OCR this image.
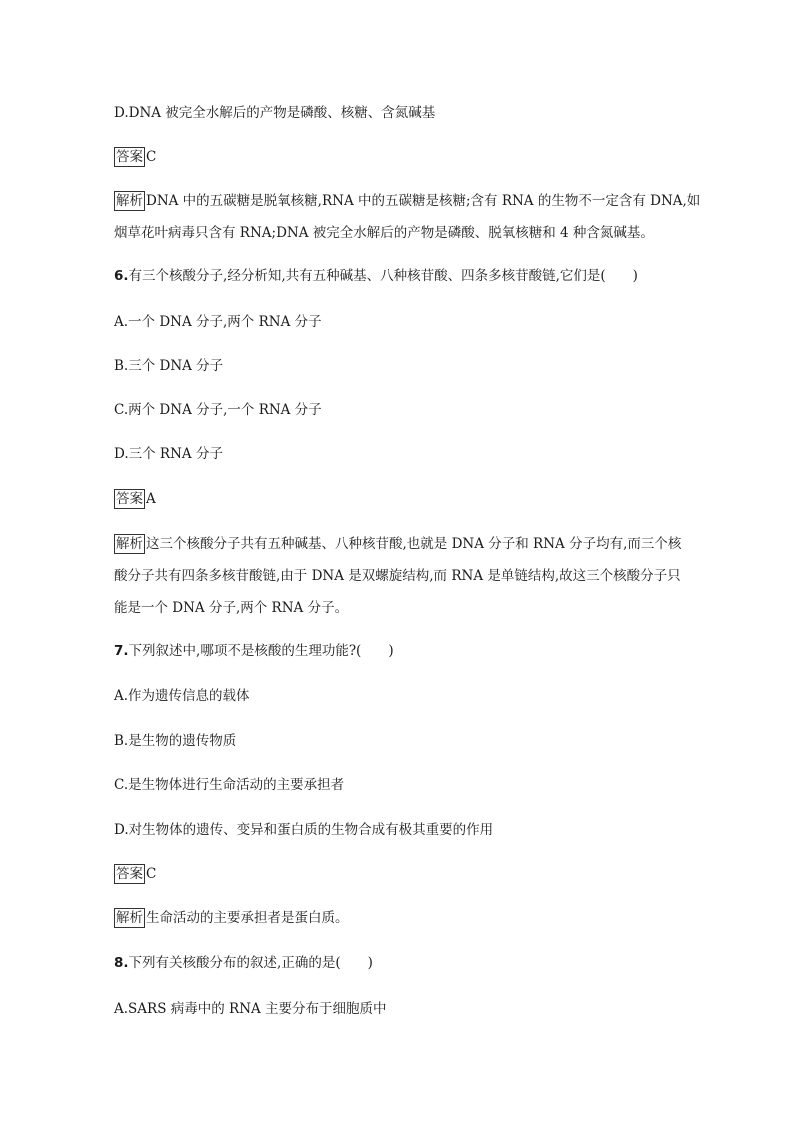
D.DNA 被完全水解后的产物是磷酸、核糖、含氮碱基
答案 C
解析 DNA 中的五碳糖是脱氧核糖,RNA 中的五碳糖是核糖;含有 RNA 的生物不一定含有 DNA,如
烟草花叶病毒只含有 RNA;DNA 被完全水解后的产物是磷酸、脱氧核糖和 4 种含氮碱基。
6.有三个核酸分子,经分析知,共有五种碱基、八种核苷酸、四条多核苷酸链,它们是(　　)
A.一个 DNA 分子,两个 RNA 分子
B.三个 DNA 分子
C.两个 DNA 分子,一个 RNA 分子
D.三个 RNA 分子
答案 A
解析 这三个核酸分子共有五种碱基、八种核苷酸,也就是 DNA 分子和 RNA 分子均有,而三个核
酸分子共有四条多核苷酸链,由于 DNA 是双螺旋结构,而 RNA 是单链结构,故这三个核酸分子只
能是一个 DNA 分子,两个 RNA 分子。
7.下列叙述中,哪项不是核酸的生理功能?(　　)
A.作为遗传信息的载体
B.是生物的遗传物质
C.是生物体进行生命活动的主要承担者
D.对生物体的遗传、变异和蛋白质的生物合成有极其重要的作用
答案 C
解析 生命活动的主要承担者是蛋白质。
8.下列有关核酸分布的叙述,正确的是(　　)
A.SARS 病毒中的 RNA 主要分布于细胞质中
